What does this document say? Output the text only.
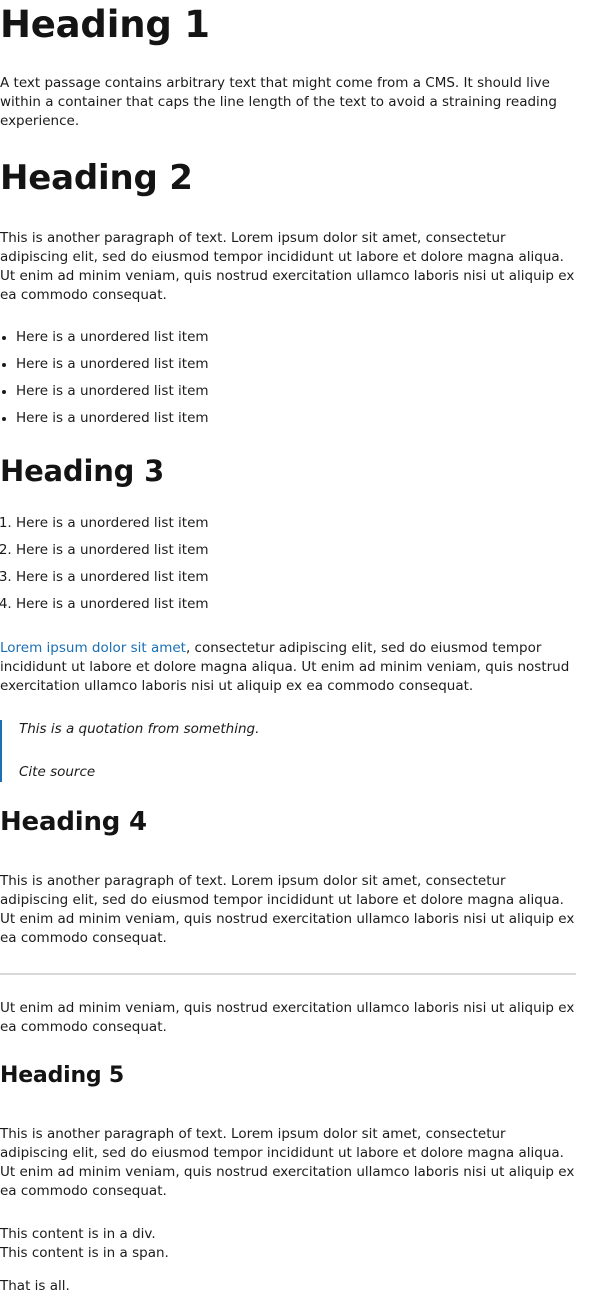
Heading 1

A text passage contains arbitrary text that might come from a CMS. It should live within a container that caps the line length of the text to avoid a straining reading experience.

Heading 2

This is another paragraph of text. Lorem ipsum dolor sit amet, consectetur adipiscing elit, sed do eiusmod tempor incididunt ut labore et dolore magna aliqua. Ut enim ad minim veniam, quis nostrud exercitation ullamco laboris nisi ut aliquip ex ea commodo consequat.

• Here is a unordered list item
• Here is a unordered list item
• Here is a unordered list item
• Here is a unordered list item
Heading 3
1. Here is a unordered list item
2. Here is a unordered list item
3. Here is a unordered list item
4. Here is a unordered list item

Lorem ipsum dolor sit amet, consectetur adipiscing elit, sed do eiusmod tempor incididunt ut labore et dolore magna aliqua. Ut enim ad minim veniam, quis nostrud exercitation ullamco laboris nisi ut aliquip ex ea commodo consequat.

This is a quotation from something.

Cite source
Heading 4

This is another paragraph of text. Lorem ipsum dolor sit amet, consectetur adipiscing elit, sed do eiusmod tempor incididunt ut labore et dolore magna aliqua. Ut enim ad minim veniam, quis nostrud exercitation ullamco laboris nisi ut aliquip ex ea commodo consequat.

Ut enim ad minim veniam, quis nostrud exercitation ullamco laboris nisi ut aliquip ex ea commodo consequat.

Heading 5

This is another paragraph of text. Lorem ipsum dolor sit amet, consectetur adipiscing elit, sed do eiusmod tempor incididunt ut labore et dolore magna aliqua. Ut enim ad minim veniam, quis nostrud exercitation ullamco laboris nisi ut aliquip ex ea commodo consequat.

This content is in a div.
This content is in a span.

That is all.
